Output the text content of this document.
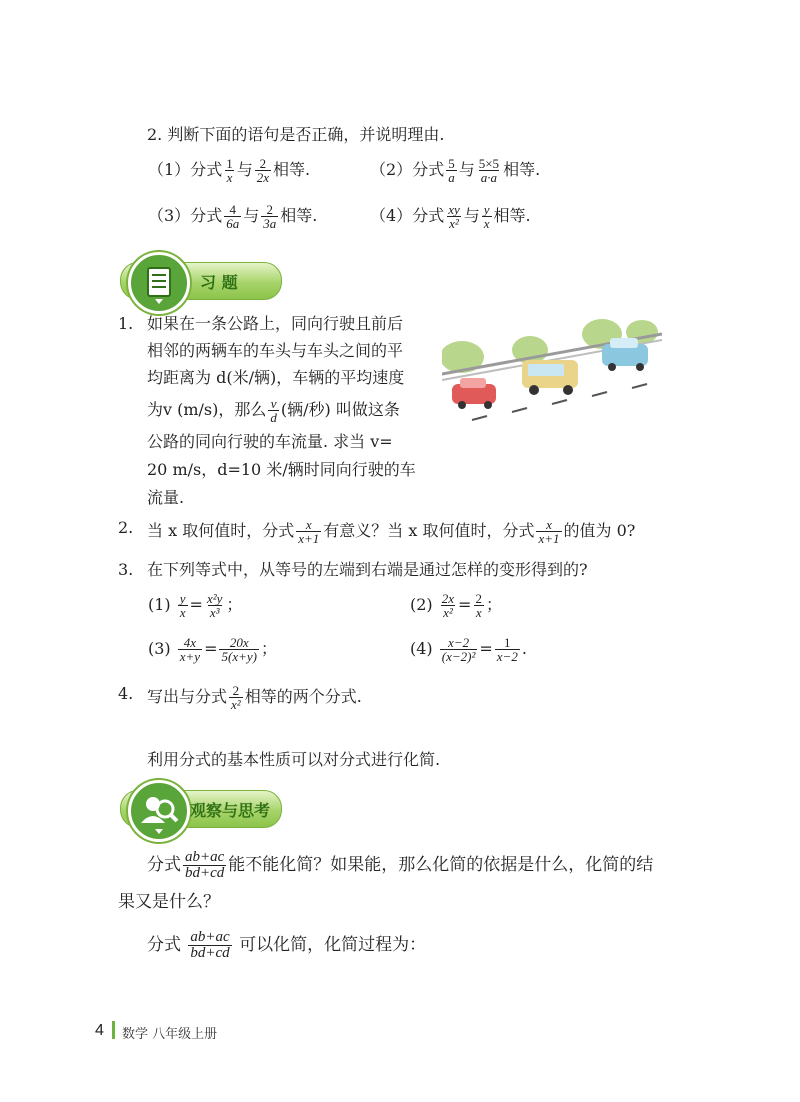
2. 判断下面的语句是否正确，并说明理由.
（1）分式 $\frac{1}{x}$ 与 $\frac{2}{2x}$ 相等.	（2）分式 $\frac{5}{a}$ 与 $\frac{5\times 5}{a\cdot a}$ 相等.
（3）分式 $\frac{4}{6a}$ 与 $\frac{2}{3a}$ 相等.	（4）分式 $\frac{xy}{\text{x²}}$ 与 $\frac{y}{x}$ 相等.
习 题
1. 如果在一条公路上，同向行驶且前后
相邻的两辆车的车头与车头之间的平
均距离为 d(米/辆)，车辆的平均速度
为v (m/s)，那么 $\frac{v}{d}$ (辆/秒) 叫做这条
公路的同向行驶的车流量. 求当 v=
20 m/s，d=10 米/辆时同向行驶的车
流量.
2. 当 x 取何值时，分式 $\frac{x}{x+1}$ 有意义？当 x 取何值时，分式 $\frac{x}{x+1}$ 的值为 0?
3. 在下列等式中，从等号的左端到右端是通过怎样的变形得到的?
$(1) \frac{y}{x} = \frac{\text{x²y}}{\text{x³}}$ ；	$(2) \frac{2x}{\text{x²}} = \frac{2}{x}$ ；
$(3) \frac{4x}{x+y} = \frac{20x}{5(x+y)}$ ；	$(4) \frac{x-2}{\text{(x−2)²}} = \frac{1}{x-2}$ .
4. 写出与分式 $\frac{2}{\text{x²}}$ 相等的两个分式.
利用分式的基本性质可以对分式进行化简.
观察与思考
分式 $\frac{ab+ac}{bd+cd}$ 能不能化简？如果能，那么化简的依据是什么，化简的结
果又是什么？
分式 $\frac{ab+ac}{bd+cd}$ 可以化简，化简过程为：
4 数学 八年级上册
